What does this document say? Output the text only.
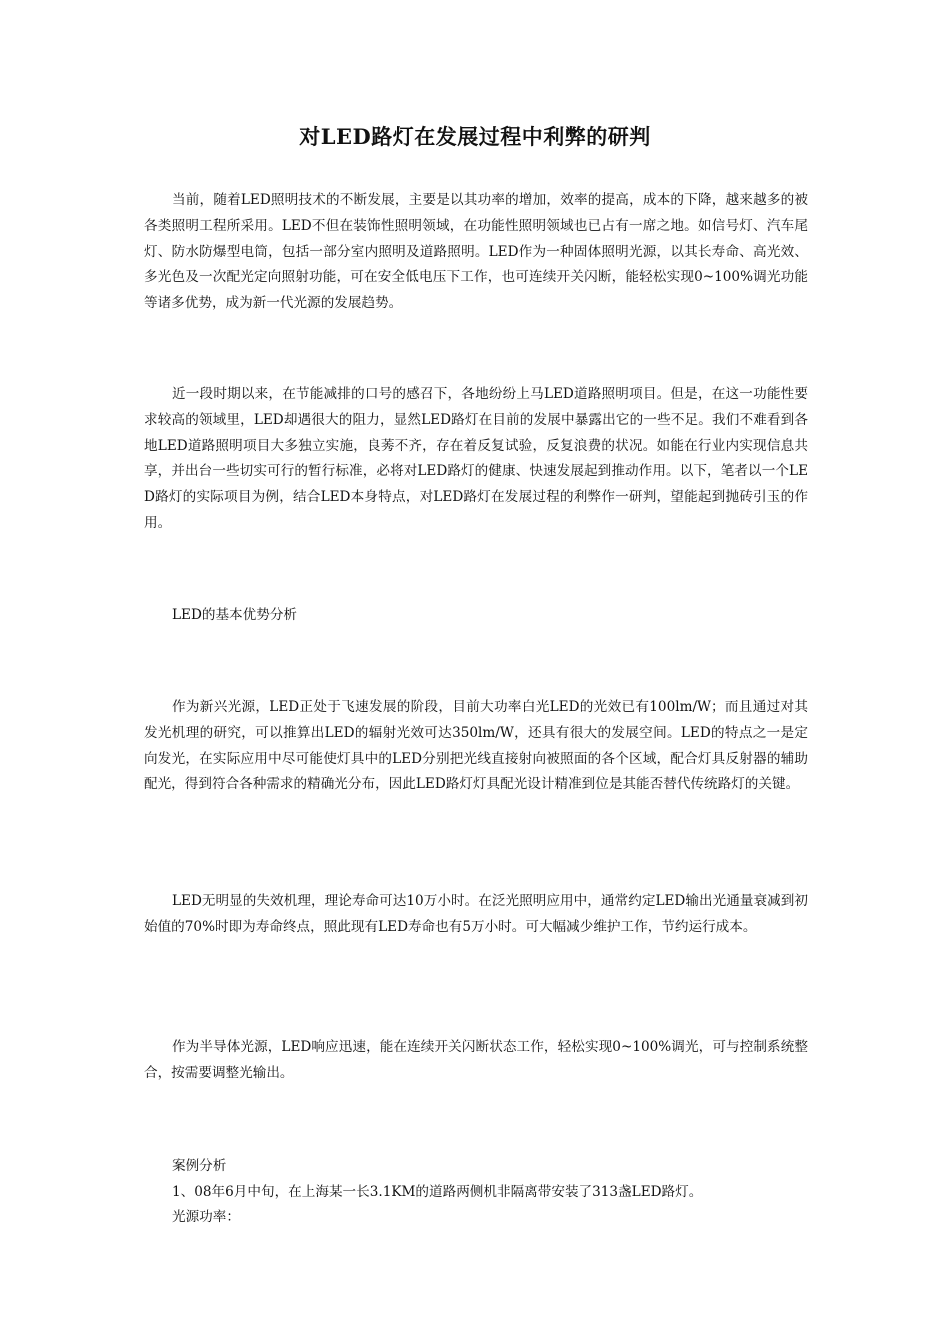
对LED路灯在发展过程中利弊的研判

当前，随着LED照明技术的不断发展，主要是以其功率的增加，效率的提高，成本的下降，越来越多的被各类照明工程所采用。LED不但在装饰性照明领域，在功能性照明领域也已占有一席之地。如信号灯、汽车尾灯、防水防爆型电筒，包括一部分室内照明及道路照明。LED作为一种固体照明光源，以其长寿命、高光效、多光色及一次配光定向照射功能，可在安全低电压下工作，也可连续开关闪断，能轻松实现0~100%调光功能等诸多优势，成为新一代光源的发展趋势。

近一段时期以来，在节能减排的口号的感召下，各地纷纷上马LED道路照明项目。但是，在这一功能性要求较高的领域里，LED却遇很大的阻力，显然LED路灯在目前的发展中暴露出它的一些不足。我们不难看到各地LED道路照明项目大多独立实施，良莠不齐，存在着反复试验，反复浪费的状况。如能在行业内实现信息共享，并出台一些切实可行的暂行标准，必将对LED路灯的健康、快速发展起到推动作用。以下，笔者以一个LED路灯的实际项目为例，结合LED本身特点，对LED路灯在发展过程的利弊作一研判，望能起到抛砖引玉的作用。

LED的基本优势分析

作为新兴光源，LED正处于飞速发展的阶段，目前大功率白光LED的光效已有100lm/W；而且通过对其发光机理的研究，可以推算出LED的辐射光效可达350lm/W，还具有很大的发展空间。LED的特点之一是定向发光，在实际应用中尽可能使灯具中的LED分别把光线直接射向被照面的各个区域，配合灯具反射器的辅助配光，得到符合各种需求的精确光分布，因此LED路灯灯具配光设计精准到位是其能否替代传统路灯的关键。

LED无明显的失效机理，理论寿命可达10万小时。在泛光照明应用中，通常约定LED输出光通量衰减到初始值的70%时即为寿命终点，照此现有LED寿命也有5万小时。可大幅减少维护工作，节约运行成本。

作为半导体光源，LED响应迅速，能在连续开关闪断状态工作，轻松实现0~100%调光，可与控制系统整合，按需要调整光输出。

案例分析

1、08年6月中旬，在上海某一长3.1KM的道路两侧机非隔离带安装了313盏LED路灯。

光源功率：
